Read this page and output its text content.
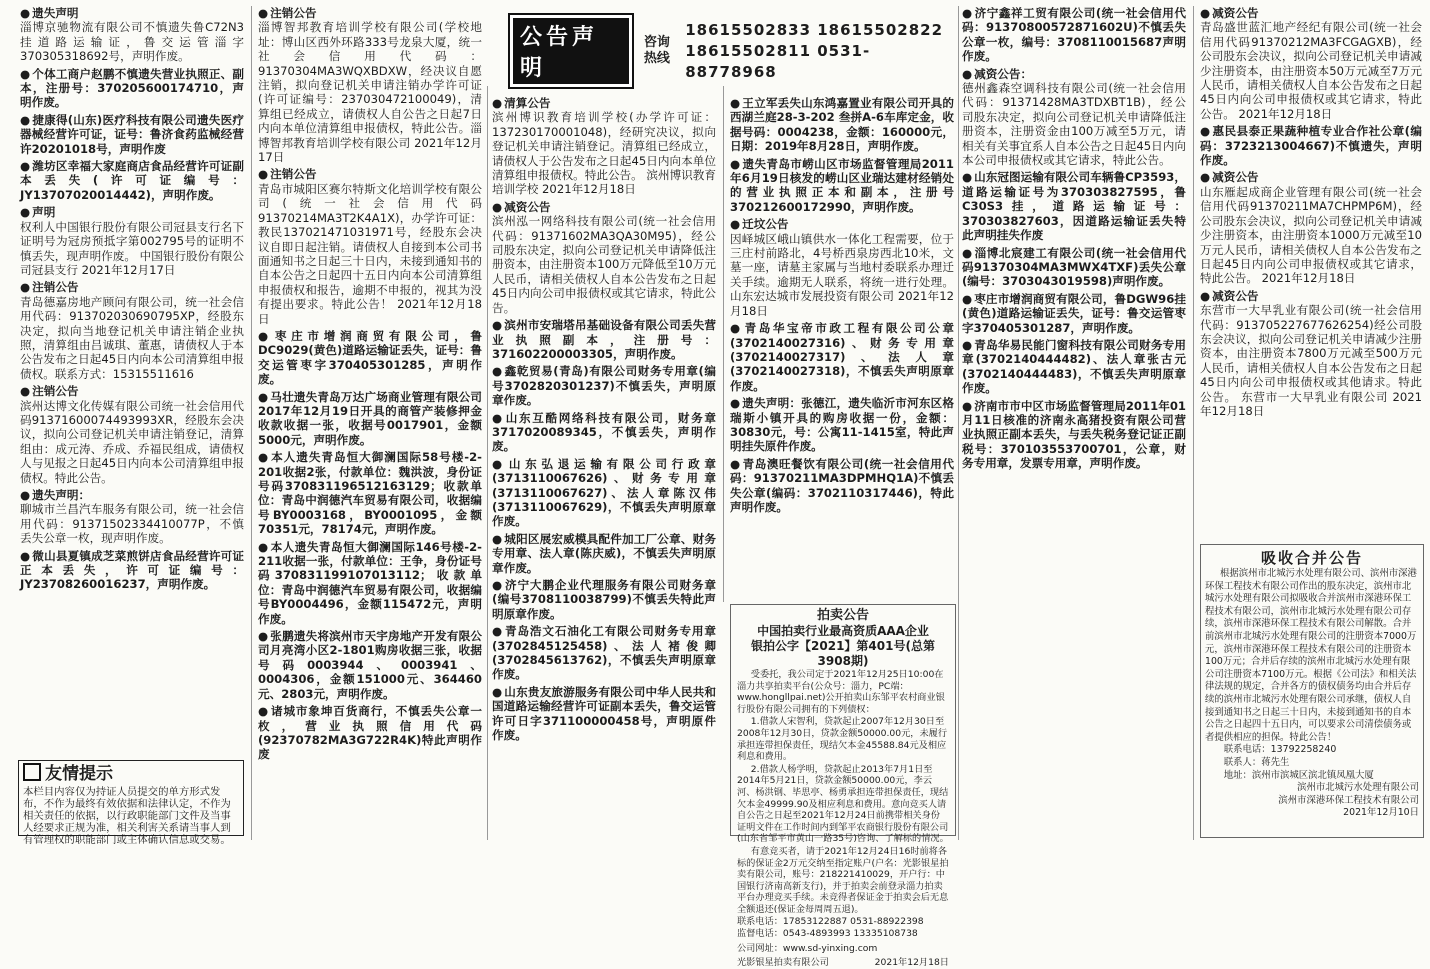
公告声明
咨询热线
18615502833 18615502822
18615502811 0531-88778968
● 遗失声明

淄博京驰物流有限公司不慎遗失鲁C72N3挂道路运输证，鲁交运管淄字370305318692号，声明作废。

● 个体工商户赵鹏不慎遗失营业执照正、副本，注册号：370205600174710，声明作废。
● 捷康得(山东)医疗科技有限公司遗失医疗器械经营许可证，证号：鲁济食药监械经营许20201018号，声明作废
● 潍坊区幸福大家庭商店食品经营许可证副本丢失(许可证编号：JY13707020014442)，声明作废。
● 声明

权利人中国银行股份有限公司冠县支行名下证明号为冠房预抵字第002795号的证明不慎丢失，现声明作废。 中国银行股份有限公司冠县支行 2021年12月17日

● 注销公告

青岛德嘉房地产顾问有限公司，统一社会信用代码：913702030690795XP，经股东决定，拟向当地登记机关申请注销企业执照，清算组由吕诚琪、董惠，请债权人于本公告发布之日起45日内向本公司清算组申报债权。联系方式：15315511616

● 注销公告

滨州达博文化传媒有限公司统一社会信用代码91371600074493993XR，经股东会决议，拟向公司登记机关申请注销登记，清算组由：成元涛、乔成、乔福民组成，请债权人与见报之日起45日内向本公司清算组申报债权。特此公告。

● 遗失声明：

聊城市兰昌汽车服务有限公司，统一社会信用代码：91371502334410077P，不慎丢失公章一枚，现声明作废。

● 微山县夏镇成芝菜煎饼店食品经营许可证正本丢失，许可证编号：JY23708260016237，声明作废。
● 注销公告

淄博智邦教育培训学校有限公司(学校地址：博山区西外环路333号龙泉大厦，统一社会信用代码：91370304MA3WQXBDXW，经决议自愿注销，拟向登记机关申请注销办学许可证(许可证编号：237030472100049)，清算组已经成立，请债权人自公告之日起7日内向本单位清算组申报债权，特此公告。淄博智邦教育培训学校有限公司 2021年12月17日

● 注销公告

青岛市城阳区赛尔特斯文化培训学校有限公司(统一社会信用代码91370214MA3T2K4A1X)，办学许可证：教民137021471031971号，经股东会决议自即日起注销。请债权人自接到本公司书面通知书之日起三十日内，未接到通知书的自本公告之日起四十五日内向本公司清算组申报债权和报告，逾期不申报的，视其为没有提出要求。特此公告！ 2021年12月18日

● 枣庄市增润商贸有限公司，鲁DC9029(黄色)道路运输证丢失，证号：鲁交运管枣字370405301285，声明作废。
● 马壮遗失青岛万达广场商业管理有限公司2017年12月19日开具的商管产装修押金收款收据一张，收据号0017901，金额5000元，声明作废。
● 本人遗失青岛恒大御澜国际58号楼-2-201收据2张，付款单位：魏洪波，身份证号码370831196512163129；收款单位：青岛中润德汽车贸易有限公司，收据编号BY0003168，BY0001095，金额70351元，78174元，声明作废。
● 本人遗失青岛恒大御澜国际146号楼-2-211收据一张，付款单位：王争，身份证号码370831199107013112；收款单位：青岛中润德汽车贸易有限公司，收据编号BY0004496，金额115472元，声明作废。
● 张鹏遗失将滨州市天宇房地产开发有限公司月亮湾小区2-1801购房收据三张，收据号码0003944、0003941、0004306，金额151000元、364460元、2803元，声明作废。
● 诸城市象坤百货商行，不慎丢失公章一枚，营业执照信用代码(92370782MA3G722R4K)特此声明作废
● 清算公告

滨州博识教育培训学校(办学许可证：137230170001048)，经研究决议，拟向登记机关申请注销登记。清算组已经成立，请债权人于公告发布之日起45日内向本单位清算组申报债权。特此公告。 滨州博识教育培训学校 2021年12月18日

● 减资公告

滨州泓一网络科技有限公司(统一社会信用代码：91371602MA3QA30M95)，经公司股东决定，拟向公司登记机关申请降低注册资本，由注册资本100万元降低至10万元人民币，请相关债权人自本公告发布之日起45日内向公司申报债权或其它请求，特此公告。

● 滨州市安瑞塔吊基础设备有限公司丢失营业执照副本，注册号：371602200003305，声明作废。
● 鑫乾贸易(青岛)有限公司财务专用章(编号3702820301237)不慎丢失，声明原章作废。
● 山东互酷网络科技有限公司，财务章371702008934​5，不慎丢失，声明作废。
● 山东弘退运输有限公司行政章(3713110067626)、财务专用章(3713110067627)、法人章陈汉伟(3713110067629)，不慎丢失声明原章作废。
● 城阳区展宏威模具配件加工厂公章、财务专用章、法人章(陈庆威)，不慎丢失声明原章作废。
● 济宁大鹏企业代理服务有限公司财务章(编号3708110038799)不慎丢失特此声明原章作废。
● 青岛浩文石油化工有限公司财务专用章(3702845125458)、法人褚俊卿(3702845613762)，不慎丢失声明原章作废。
● 山东贵友旅游服务有限公司中华人民共和国道路运输经营许可证副本丢失，鲁交运管许可日字371100000458号，声明原件作废。
● 王立军丢失山东鸿嘉置业有限公司开具的西湖兰庭28-3-202 叁拼A-6车库定金，收据号码：0004238，金额：160000元，日期：2019年8月28日，声明作废。
● 遗失青岛市崂山区市场监督管理局2011年6月19日核发的崂山区业瑞达建材经销处的营业执照正本和副本，注册号370212600172990，声明作废。
● 迁坟公告

因峄城区峨山镇供水一体化工程需要，位于三庄村前路北，4号桥西泉房西北10米，文墓一座，请墓主家属与当地村委联系办理迁关手续。逾期无人联系，将统一进行处理。 山东宏达城市发展投资有限公司 2021年12月18日

● 青岛华宝帝市政工程有限公司公章(3702140027316)、财务专用章(3702140027317)、法人章(3702140027318)，不慎丢失声明原章作废。
● 遗失声明：张德江，遗失临沂市河东区格瑞斯小镇开具的购房收据一份，金额：30830元，号：公寓11-1415室，特此声明挂失原件作废。
● 青岛澳旺餐饮有限公司(统一社会信用代码：91370211MA3DPMHQ1A)不慎丢失公章(编码：3702110317446)，特此声明作废。
● 济宁鑫祥工贸有限公司(统一社会信用代码：91370800572871602U)不慎丢失公章一枚，编号：3708110015687声明作废。
● 减资公告：

德州鑫森空调科技有限公司(统一社会信用代码：91371428MA3TDXBT1B)，经公司股东决定，拟向公司登记机关申请降低注册资本，注册资金由100万减至5万元，请相关有关事宜系人自本公告之日起45日内向本公司申报债权或其它请求，特此公告。

● 山东冠图运输有限公司车辆鲁CP3593，道路运输证号为370303827595，鲁C30S3挂，道路运输证号：370303827603，因道路运输证丢失特此声明挂失作废
● 淄博北宸建工有限公司(统一社会信用代码91370304MA3MWX4TXF)丢失公章(编号：370304301959​8)声明作废。
● 枣庄市增润商贸有限公司，鲁DGW96挂(黄色)道路运输证丢失，证号：鲁交运管枣字370405301287，声明作废。
● 青岛华易民能门窗科技有限公司财务专用章(3702140444482)、法人章张古元(3702140444483)，不慎丢失声明原章作废。
● 济南市市中区市场监督管理局2011年01月11日核准的济南永高猪投资有限公司营业执照正副本丢失，与丢失税务登记证正副税号：370103553700701，公章，财务专用章，发票专用章，声明作废。
● 减资公告

青岛盛世蓝汇地产经纪有限公司(统一社会信用代码91370212MA3FCGAGXB)，经公司股东会决议，拟向公司登记机关申请减少注册资本，由注册资本50万元减至7万元人民币，请相关债权人自本公告发布之日起45日内向公司申报债权或其它请求，特此公告。 2021年12月18日

● 惠民县泰正果蔬种植专业合作社公章(编码：3723213004667)不慎遗失，声明作废。
● 减资公告

山东雁起成商企业管理有限公司(统一社会信用代码91370211MA7CHPMP6M)，经公司股东会决议，拟向公司登记机关申请减少注册资本，由注册资本1000万元减至10万元人民币，请相关债权人自本公告发布之日起45日内向公司申报债权或其它请求，特此公告。 2021年12月18日

● 减资公告

东营市一大早乳业有限公司(统一社会信用代码：91370522767762​6254)经公司股东会决议，拟向公司登记机关申请减少注册资本，由注册资本7800万元减至500万元人民币，请相关债权人自本公告发布之日起45日内向公司申报债权或其他请求。特此公告。 东营市一大早乳业有限公司 2021年12月18日

友情提示
本栏目内容仅为持证人员提交的单方形式发布，不作为最终有效依据和法律认定，不作为相关责任的依据，以行政职能部门文件及当事人经要求正规为准，相关利害关系请当事人到有管理权的职能部门或主体确认信息或交易。
拍卖公告
中国拍卖行业最高资质AAA企业
银拍公字【2021】第401号(总第3908期)

受委托，我公司定于2021年12月25日10:00在淄力共享拍卖平台(公众号：淄力，PC端：www.hongllpai.net)公开拍卖山东邹平农村商业银行股份有限公司拥有的下列债权：

1.借款人宋智利，贷款起止2007年12月30日至2008年12月30日，贷款金额50000.00元，未履行承担连带担保责任，现结欠本金45588.84元及相应利息和费用。

2.借款人杨学明，贷款起止2013年7月1日至2014年5月21日，贷款金额50000.00元，李云河、杨洪钢、毕思亭、杨勇承担连带担保责任，现结欠本金49999.90及相应利息和费用。意向竞买人请自公告之日起至2021年12月24日前携带相关身份证明文件在工作时间内到邹平农商银行股份有限公司(山东省邹平市黄山一路35号)咨询、了解标的情况。

有意竞买者，请于2021年12月24日16时前将各标的保证金2万元交纳至指定账户(户名：光影银星拍卖有限公司，账号：2182214100​29，开户行：中国银行济南高新支行)，并于拍卖会前登录淄力拍卖平台办理竞买手续。未竞得者保证金于拍卖会后无息全额退还(保证金每周周五退)。

联系电话：17853122887 0531-88922398
监督电话：0543-4893993 13335108738
公司网址：www.sd-yinxing.com
光影银星拍卖有限公司	2021年12月18日
吸收合并公告

根据滨州市北城污水处理有限公司、滨州市深港环保工程技术有限公司作出的股东决定，滨州市北城污水处理有限公司拟吸收合并滨州市深港环保工程技术有限公司，滨州市北城污水处理有限公司存续，滨州市深港环保工程技术有限公司解散。合并前滨州市北城污水处理有限公司的注册资本7000万元，滨州市深港环保工程技术有限公司的注册资本100万元；合并后存续的滨州市北城污水处理有限公司注册资本7100万元。根据《公司法》和相关法律法规的规定，合并各方的债权债务均由合并后存续的滨州市北城污水处理有限公司承继，债权人自接到通知书之日起三十日内，未接到通知书的自本公告之日起四十五日内，可以要求公司清偿债务或者提供相应的担保。特此公告！

联系电话：13792258240
联系人：蒋先生
地址：滨州市滨城区滨北镇凤凰大厦
滨州市北城污水处理有限公司
滨州市深港环保工程技术有限公司
2021年12月10日
